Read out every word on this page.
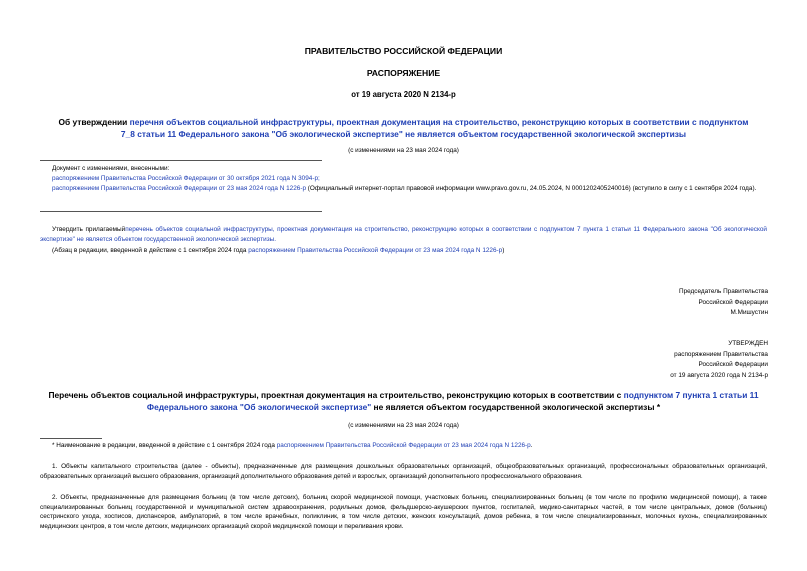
ПРАВИТЕЛЬСТВО РОССИЙСКОЙ ФЕДЕРАЦИИ
РАСПОРЯЖЕНИЕ
от 19 августа 2020 N 2134-р
Об утверждении перечня объектов социальной инфраструктуры, проектная документация на строительство, реконструкцию которых в соответствии с подпунктом 7_8 статьи 11 Федерального закона "Об экологической экспертизе" не является объектом государственной экологической экспертизы
(с изменениями на 23 мая 2024 года)
Документ с изменениями, внесенными:
распоряжением Правительства Российской Федерации от 30 октября 2021 года N 3094-р;
распоряжением Правительства Российской Федерации от 23 мая 2024 года N 1226-р (Официальный интернет-портал правовой информации www.pravo.gov.ru, 24.05.2024, N 0001202405240016) (вступило в силу с 1 сентября 2024 года).
Утвердить прилагаемыйперечень объектов социальной инфраструктуры, проектная документация на строительство, реконструкцию которых в соответствии с подпунктом 7 пункта 1 статьи 11 Федерального закона "Об экологической экспертизе" не является объектом государственной экологической экспертизы.
(Абзац в редакции, введенной в действие с 1 сентября 2024 года распоряжением Правительства Российской Федерации от 23 мая 2024 года N 1226-р)
Председатель Правительства
Российской Федерации
М.Мишустин
УТВЕРЖДЕН
распоряжением Правительства
Российской Федерации
от 19 августа 2020 года N 2134-р
Перечень объектов социальной инфраструктуры, проектная документация на строительство, реконструкцию которых в соответствии с подпунктом 7 пункта 1 статьи 11 Федерального закона "Об экологической экспертизе" не является объектом государственной экологической экспертизы *
(с изменениями на 23 мая 2024 года)
* Наименование в редакции, введенной в действие с 1 сентября 2024 года распоряжением Правительства Российской Федерации от 23 мая 2024 года N 1226-р.
1. Объекты капитального строительства (далее - объекты), предназначенные для размещения дошкольных образовательных организаций, общеобразовательных организаций, профессиональных образовательных организаций, образовательных организаций высшего образования, организаций дополнительного образования детей и взрослых, организаций дополнительного профессионального образования.
2. Объекты, предназначенные для размещения больниц (в том числе детских), больниц скорой медицинской помощи, участковых больниц, специализированных больниц (в том числе по профилю медицинской помощи), а также специализированных больниц государственной и муниципальной систем здравоохранения, родильных домов, фельдшерско-акушерских пунктов, госпиталей, медико-санитарных частей, в том числе центральных, домов (больниц) сестринского ухода, хосписов, диспансеров, амбулаторий, в том числе врачебных, поликлиник, в том числе детских, женских консультаций, домов ребенка, в том числе специализированных, молочных кухонь, специализированных медицинских центров, в том числе детских, медицинских организаций скорой медицинской помощи и переливания крови.
